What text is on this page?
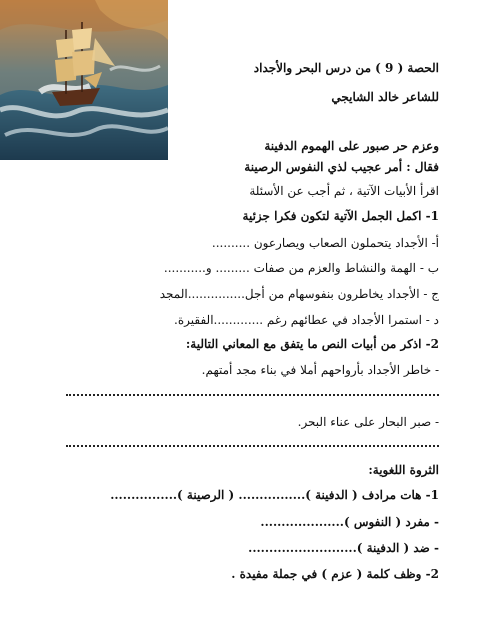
الحصة ( 9 ) من درس البحر والأجداد
للشاعر خالد الشايجي
وعزم حر صبور على الهموم الدفينة
فقال : أمر عجيب لذي النفوس الرصينة
اقرأ الأبيات الآتية ، ثم أجب عن الأسئلة
1- اكمل الجمل الآتية لتكون فكرا جزئية
أ- الأجداد يتحملون الصعاب ويصارعون ..........
ب - الهمة والنشاط والعزم من صفات ......... و...........
ج - الأجداد يخاطرون بنفوسهام من أجل...............المجد
د - استمرا الأجداد في عطائهم رغم .............الفقيرة.
2- اذكر من أبيات النص ما يتفق مع المعاني التالية:
- خاطر الأجداد بأرواحهم أملا في بناء مجد أمتهم.
- صبر البحار على عناء البحر.
الثروة اللغوية:
1- هات مرادف ( الدفينة )................ ( الرصينة )................
- مفرد ( النفوس )....................
- ضد ( الدفينة )..........................
2- وظف كلمة ( عزم ) في جملة مفيدة .
